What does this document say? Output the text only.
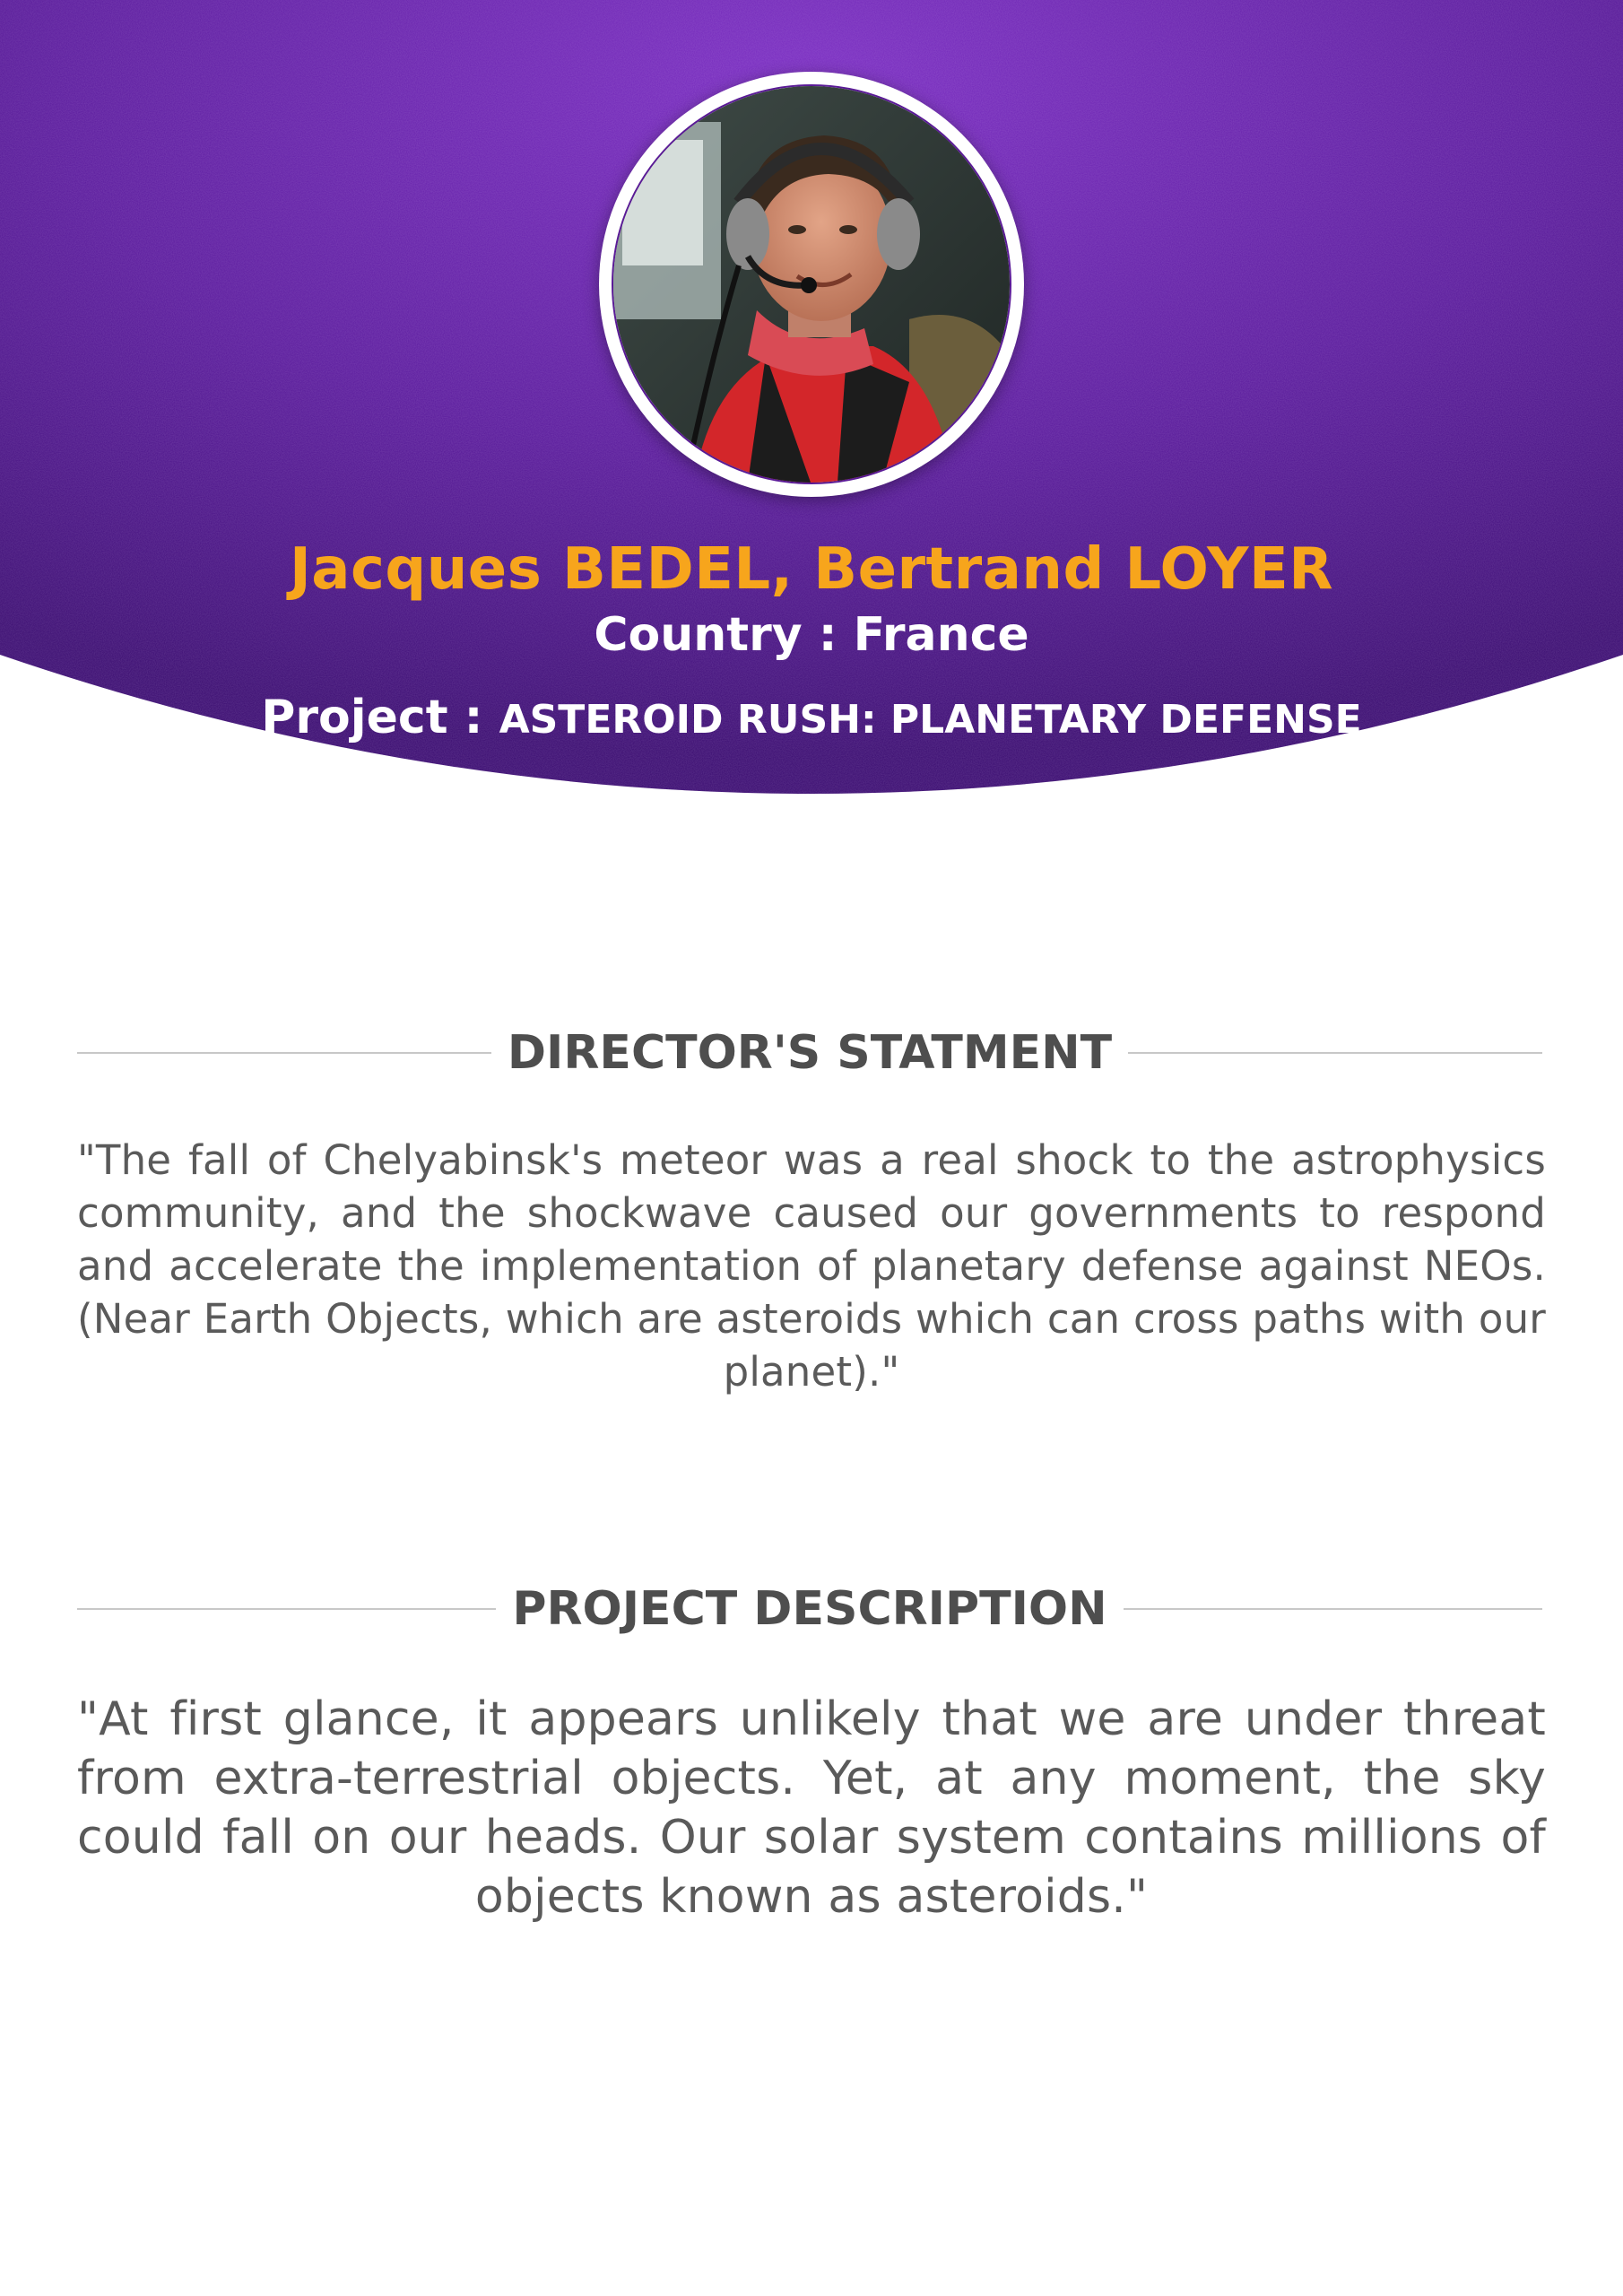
Jacques BEDEL, Bertrand LOYER
Country : France
Project : ASTEROID RUSH: PLANETARY DEFENSE
DIRECTOR'S STATMENT
"The fall of Chelyabinsk's meteor was a real shock to the astrophysics community, and the shockwave caused our governments to respond and accelerate the implementation of planetary defense against NEOs. (Near Earth Objects, which are asteroids which can cross paths with our planet)."
PROJECT DESCRIPTION
"At first glance, it appears unlikely that we are under threat from extra-terrestrial objects. Yet, at any moment, the sky could fall on our heads. Our solar system contains millions of objects known as asteroids."
